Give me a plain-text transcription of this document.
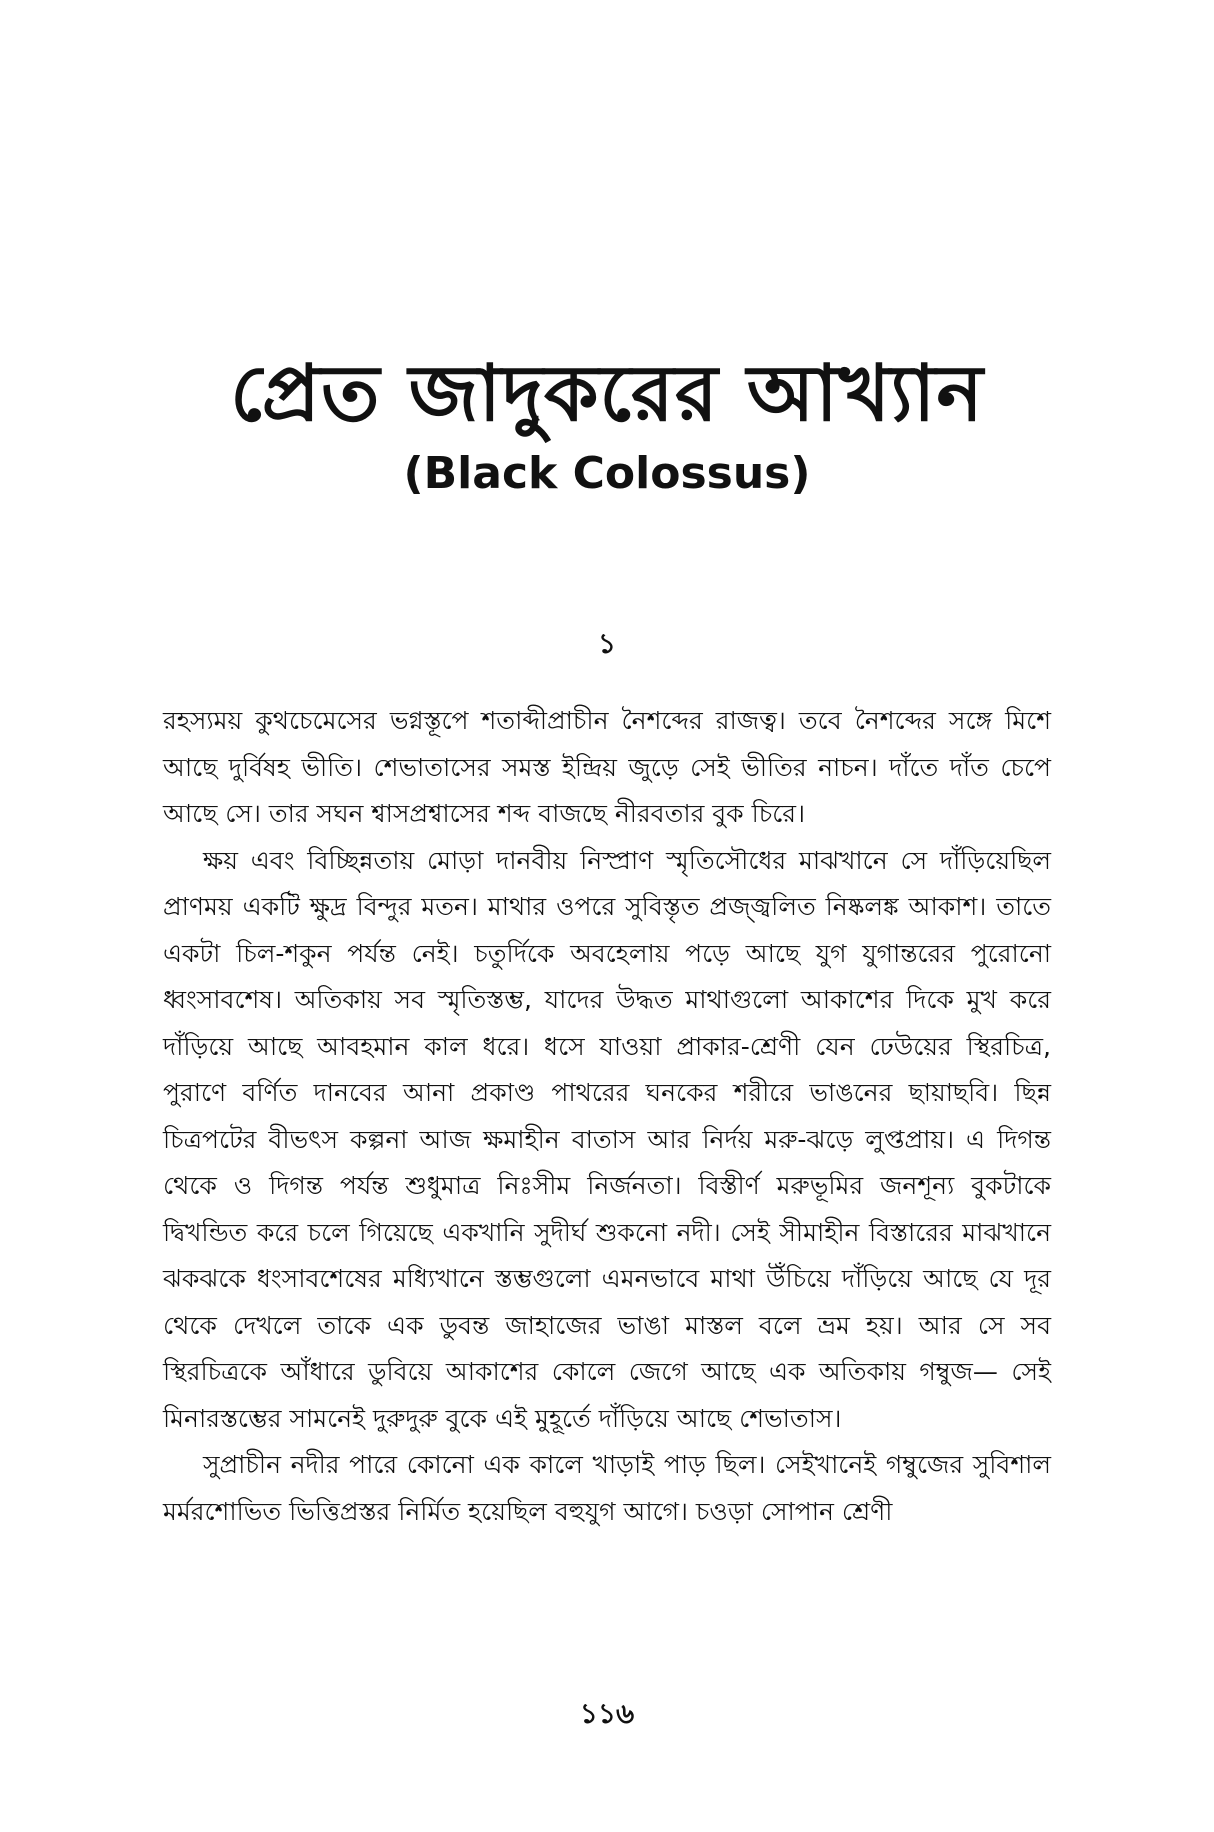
প্রেত জাদুকরের আখ্যান
(Black Colossus)
১

রহস্যময় কুথচেমেসের ভগ্নস্তূপে শতাব্দীপ্রাচীন নৈশব্দের রাজত্ব। তবে নৈশব্দের সঙ্গে মিশে আছে দুর্বিষহ ভীতি। শেভাতাসের সমস্ত ইন্দ্রিয় জুড়ে সেই ভীতির নাচন। দাঁতে দাঁত চেপে আছে সে। তার সঘন শ্বাসপ্রশ্বাসের শব্দ বাজছে নীরবতার বুক চিরে।

ক্ষয় এবং বিচ্ছিন্নতায় মোড়া দানবীয় নিস্প্রাণ স্মৃতিসৌধের মাঝখানে সে দাঁড়িয়েছিল প্রাণময় একটি ক্ষুদ্র বিন্দুর মতন। মাথার ওপরে সুবিস্তৃত প্রজ্জ্বলিত নিষ্কলঙ্ক আকাশ। তাতে একটা চিল-শকুন পর্যন্ত নেই। চতুর্দিকে অবহেলায় পড়ে আছে যুগ যুগান্তরের পুরোনো ধ্বংসাবশেষ। অতিকায় সব স্মৃতিস্তম্ভ, যাদের উদ্ধত মাথাগুলো আকাশের দিকে মুখ করে দাঁড়িয়ে আছে আবহমান কাল ধরে। ধসে যাওয়া প্রাকার-শ্রেণী যেন ঢেউয়ের স্থিরচিত্র, পুরাণে বর্ণিত দানবের আনা প্রকাণ্ড পাথরের ঘনকের শরীরে ভাঙনের ছায়াছবি। ছিন্ন চিত্রপটের বীভৎস কল্পনা আজ ক্ষমাহীন বাতাস আর নির্দয় মরু-ঝড়ে লুপ্তপ্রায়। এ দিগন্ত থেকে ও দিগন্ত পর্যন্ত শুধুমাত্র নিঃসীম নির্জনতা। বিস্তীর্ণ মরুভূমির জনশূন্য বুকটাকে দ্বিখন্ডিত করে চলে গিয়েছে একখানি সুদীর্ঘ শুকনো নদী। সেই সীমাহীন বিস্তারের মাঝখানে ঝকঝকে ধংসাবশেষের মধ্যিখানে স্তম্ভগুলো এমনভাবে মাথা উঁচিয়ে দাঁড়িয়ে আছে যে দূর থেকে দেখলে তাকে এক ডুবন্ত জাহাজের ভাঙা মাস্তল বলে ভ্রম হয়। আর সে সব স্থিরচিত্রকে আঁধারে ডুবিয়ে আকাশের কোলে জেগে আছে এক অতিকায় গম্বুজ— সেই মিনারস্তম্ভের সামনেই দুরুদুরু বুকে এই মুহূর্তে দাঁড়িয়ে আছে শেভাতাস।

সুপ্রাচীন নদীর পারে কোনো এক কালে খাড়াই পাড় ছিল। সেইখানেই গম্বুজের সুবিশাল মর্মরশোভিত ভিত্তিপ্রস্তর নির্মিত হয়েছিল বহুযুগ আগে। চওড়া সোপান শ্রেণী

১১৬
